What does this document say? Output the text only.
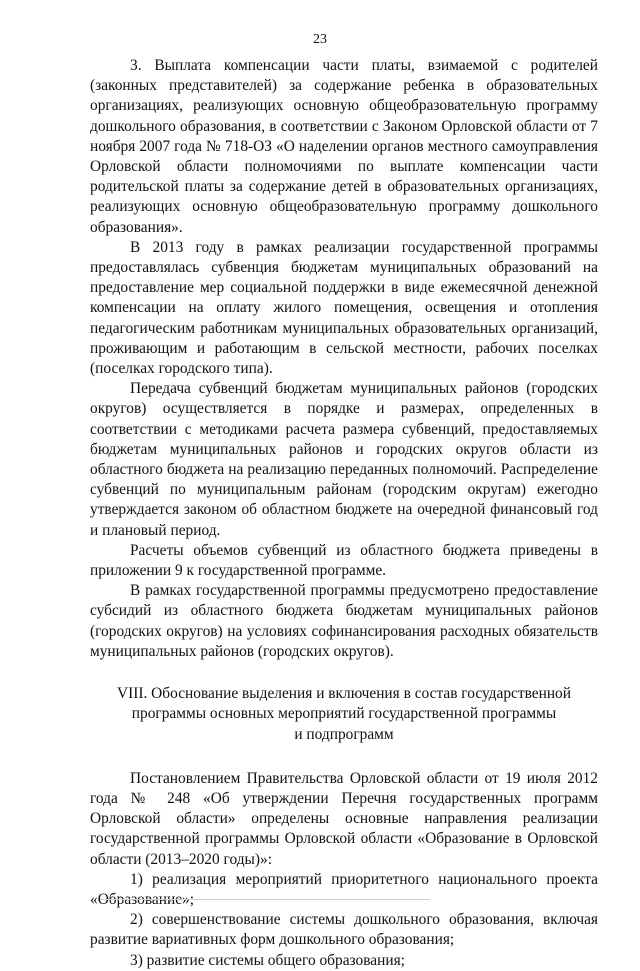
23

3. Выплата компенсации части платы, взимаемой с родителей (законных представителей) за содержание ребенка в образовательных организациях, реализующих основную общеобразовательную программу дошкольного образования, в соответствии с Законом Орловской области от 7 ноября 2007 года № 718-ОЗ «О наделении органов местного самоуправления Орловской области полномочиями по выплате компенсации части родительской платы за содержание детей в образовательных организациях, реализующих основную общеобразовательную программу дошкольного образования».

В 2013 году в рамках реализации государственной программы предоставлялась субвенция бюджетам муниципальных образований на предоставление мер социальной поддержки в виде ежемесячной денежной компенсации на оплату жилого помещения, освещения и отопления педагогическим работникам муниципальных образовательных организаций, проживающим и работающим в сельской местности, рабочих поселках (поселках городского типа).

Передача субвенций бюджетам муниципальных районов (городских округов) осуществляется в порядке и размерах, определенных в соответствии с методиками расчета размера субвенций, предоставляемых бюджетам муниципальных районов и городских округов области из областного бюджета на реализацию переданных полномочий. Распределение субвенций по муниципальным районам (городским округам) ежегодно утверждается законом об областном бюджете на очередной финансовый год и плановый период.

Расчеты объемов субвенций из областного бюджета приведены в приложении 9 к государственной программе.

В рамках государственной программы предусмотрено предоставление субсидий из областного бюджета бюджетам муниципальных районов (городских округов) на условиях софинансирования расходных обязательств муниципальных районов (городских округов).

VIII. Обоснование выделения и включения в состав государственной
программы основных мероприятий государственной программы
и подпрограмм

Постановлением Правительства Орловской области от 19 июля 2012 года № 248 «Об утверждении Перечня государственных программ Орловской области» определены основные направления реализации государственной программы Орловской области «Образование в Орловской области (2013–2020 годы)»:

1) реализация мероприятий приоритетного национального проекта «Образование»;

2) совершенствование системы дошкольного образования, включая развитие вариативных форм дошкольного образования;

3) развитие системы общего образования;
